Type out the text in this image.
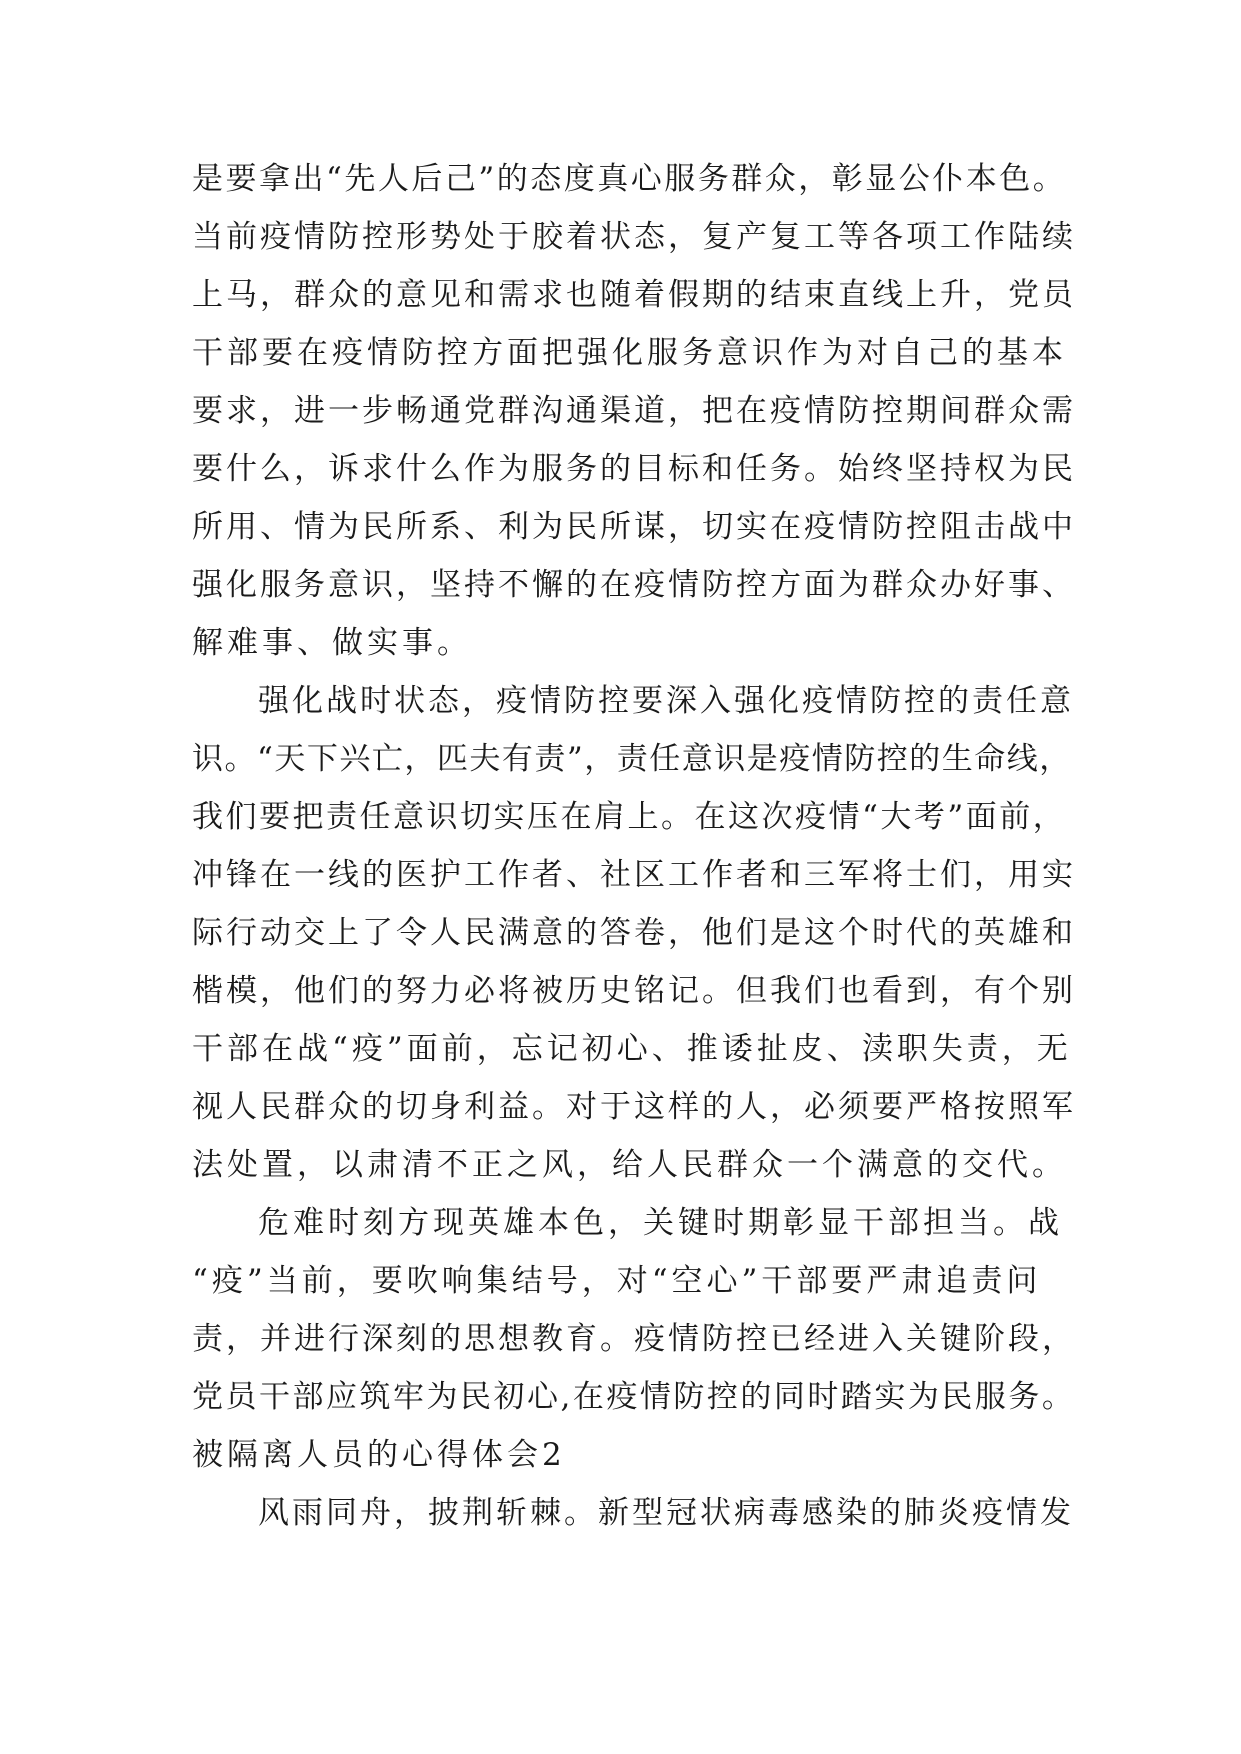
是要拿出“先人后己”的态度真心服务群众，彰显公仆本色。
当前疫情防控形势处于胶着状态，复产复工等各项工作陆续
上马，群众的意见和需求也随着假期的结束直线上升，党员
干部要在疫情防控方面把强化服务意识作为对自己的基本
要求，进一步畅通党群沟通渠道，把在疫情防控期间群众需
要什么，诉求什么作为服务的目标和任务。始终坚持权为民
所用、情为民所系、利为民所谋，切实在疫情防控阻击战中
强化服务意识，坚持不懈的在疫情防控方面为群众办好事、
解难事、做实事。
强化战时状态，疫情防控要深入强化疫情防控的责任意
识。“天下兴亡，匹夫有责”，责任意识是疫情防控的生命线，
我们要把责任意识切实压在肩上。在这次疫情“大考”面前，
冲锋在一线的医护工作者、社区工作者和三军将士们，用实
际行动交上了令人民满意的答卷，他们是这个时代的英雄和
楷模，他们的努力必将被历史铭记。但我们也看到，有个别
干部在战“疫”面前，忘记初心、推诿扯皮、渎职失责，无
视人民群众的切身利益。对于这样的人，必须要严格按照军
法处置，以肃清不正之风，给人民群众一个满意的交代。
危难时刻方现英雄本色，关键时期彰显干部担当。战
“疫”当前，要吹响集结号，对“空心”干部要严肃追责问
责，并进行深刻的思想教育。疫情防控已经进入关键阶段，
党员干部应筑牢为民初心,在疫情防控的同时踏实为民服务。
被隔离人员的心得体会2
风雨同舟，披荆斩棘。新型冠状病毒感染的肺炎疫情发
